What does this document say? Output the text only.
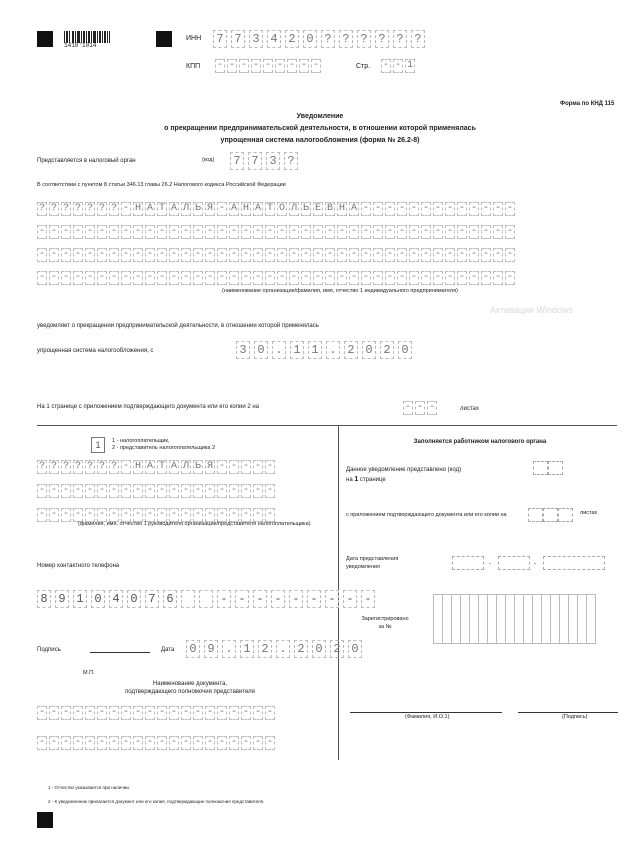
1410'1014
ИНН 7 7 3 4 2 0 ? ? ? ? ? ?
КПП - - - - - - - - -	Стр. - - 1
Форма по КНД 115
Уведомление
о прекращении предпринимательской деятельности, в отношении которой применялась
упрощенная система налогообложения (форма № 26.2-8)
Представляется в налоговый орган	(код) 7 7 3 ?
В соответствии с пунктом 8 статьи 346.13 главы 26.2 Налогового кодекса Российской Федерации
? ? ? ? ? ? ? - Н А Т А Л Ь Я - А Н А Т О Л Ь Е В Н А - - - - - - - - - - - - -
- - - - - - - - - - - - - - - - - - - - - - - - - - - - - - - - - - - - - - - -
- - - - - - - - - - - - - - - - - - - - - - - - - - - - - - - - - - - - - - - -
- - - - - - - - - - - - - - - - - - - - - - - - - - - - - - - - - - - - - - - -
(наименование организации/фамилия, имя, отчество 1 индивидуального предпринимателя)
Активация Windows
уведомляет о прекращении предпринимательской деятельности, в отношении которой применялась
упрощенная система налогообложения, с	3 0 . 1 1 . 2 0 2 0
На 1 странице с приложением подтверждающего документа или его копии 2 на	- - -	листах
1	1 - налогоплательщик,
2 - представитель налогоплательщика 2
? ? ? ? ? ? ? - Н А Т А Л Ь Я - - - - -
- - - - - - - - - - - - - - - - - - - -
- - - - - - - - - - - - - - - - - - - -
(фамилия, имя, отчество 1 руководителя организации/представителя налогоплательщика)
Номер контактного телефона
8 9 1 0 4 0 7 6	- - - - - - - - -
Подпись	Дата 0 9 . 1 2 . 2 0 2 0
М.П.
Наименование документа,
подтверждающего полномочия представителя
- - - - - - - - - - - - - - - - - - - -
- - - - - - - - - - - - - - - - - - - -
Заполняется работником налогового органа
Данное уведомление представлено (код)
на 1 странице
с приложением подтверждающего документа или его копии на	листах
Дата представления
уведомления	-	-
Зарегистрировано
за №
(Фамилия, И.О.1)	(Подпись)
1 - Отчество указывается при наличии.
2 - К уведомлению прилагается документ или его копия, подтверждающие полномочия представителя.
